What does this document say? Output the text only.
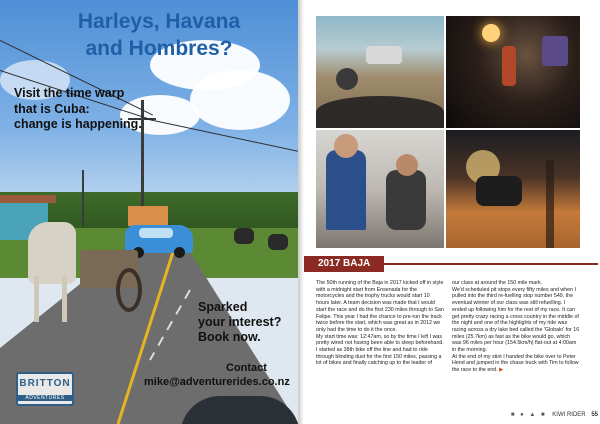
Harleys, Havana
and Hombres?
Visit the time warp
that is Cuba:
change is happening.
Sparked
your interest?
Book now.
Contact
mike@adventurerides.co.nz
BRITTON
ADVENTURES
2017 BAJA

The 50th running of the Baja in 2017 kicked off in style with a midnight start from Ensenada for the motorcycles and the trophy trucks would start 10 hours later. A team decision was made that I would start the race and do the first 230 miles through to San Felipe. This year I had the chance to pre-run the track twice before the start, which was great as in 2012 we only had the time to do it the once.

My start time was: 12:47am, so by the time I left I was pretty wired not having been able to sleep beforehand. I started as 38th bike off the line and had to ride through blinding dust for the first 150 miles, passing a lot of bikes and finally catching up to the leader of

our class at around the 150 mile mark.

We'd scheduled pit stops every fifty miles and when I pulled into the third re-fuelling stop number 549, the eventual winner of our class was still refuelling. I ended up following him for the rest of my race. It can get pretty crazy racing a cross country in the middle of the night and one of the highlights of my ride was racing across a dry lake bed called the 'Globalo' for 16 miles (25.7km) as fast as the bike would go, which was 96 miles per hour (154.5km/h) flat-out at 4:00am in the morning.

At the end of my stint I handed the bike over to Peter Hend and jumped in the chase truck with Tim to follow the race to the end. ▶

■ ● ▲ ■ KIWI RIDER 55
